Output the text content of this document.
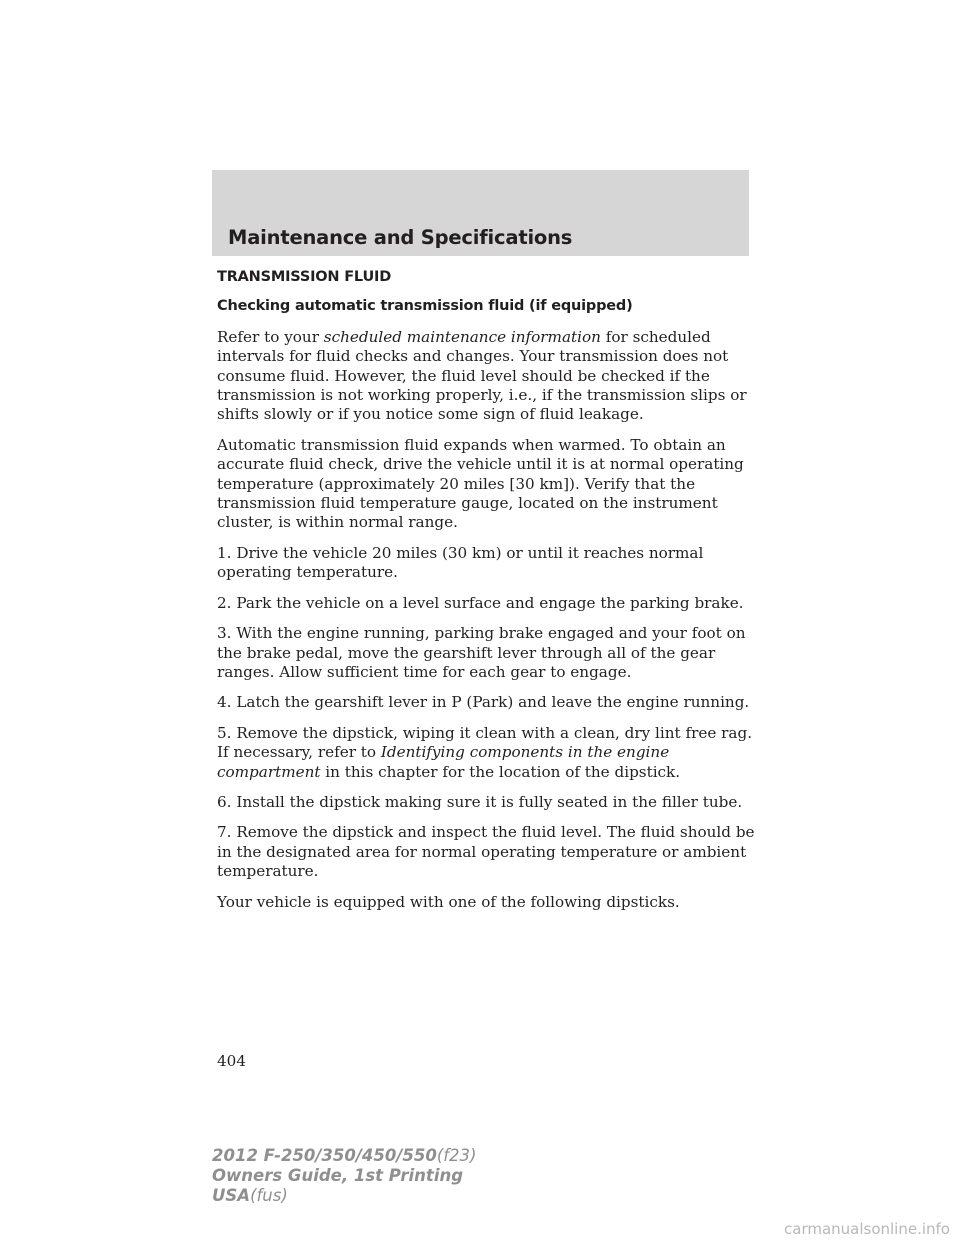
Maintenance and Specifications

TRANSMISSION FLUID

Checking automatic transmission fluid (if equipped)

Refer to your scheduled maintenance information for scheduled intervals for fluid checks and changes. Your transmission does not consume fluid. However, the fluid level should be checked if the transmission is not working properly, i.e., if the transmission slips or shifts slowly or if you notice some sign of fluid leakage.

Automatic transmission fluid expands when warmed. To obtain an accurate fluid check, drive the vehicle until it is at normal operating temperature (approximately 20 miles [30 km]). Verify that the transmission fluid temperature gauge, located on the instrument cluster, is within normal range.

1. Drive the vehicle 20 miles (30 km) or until it reaches normal operating temperature.

2. Park the vehicle on a level surface and engage the parking brake.

3. With the engine running, parking brake engaged and your foot on the brake pedal, move the gearshift lever through all of the gear ranges. Allow sufficient time for each gear to engage.

4. Latch the gearshift lever in P (Park) and leave the engine running.

5. Remove the dipstick, wiping it clean with a clean, dry lint free rag. If necessary, refer to Identifying components in the engine compartment in this chapter for the location of the dipstick.

6. Install the dipstick making sure it is fully seated in the filler tube.

7. Remove the dipstick and inspect the fluid level. The fluid should be in the designated area for normal operating temperature or ambient temperature.

Your vehicle is equipped with one of the following dipsticks.

404
2012 F-250/350/450/550(f23)
Owners Guide, 1st Printing
USA(fus)
carmanualsonline.info
